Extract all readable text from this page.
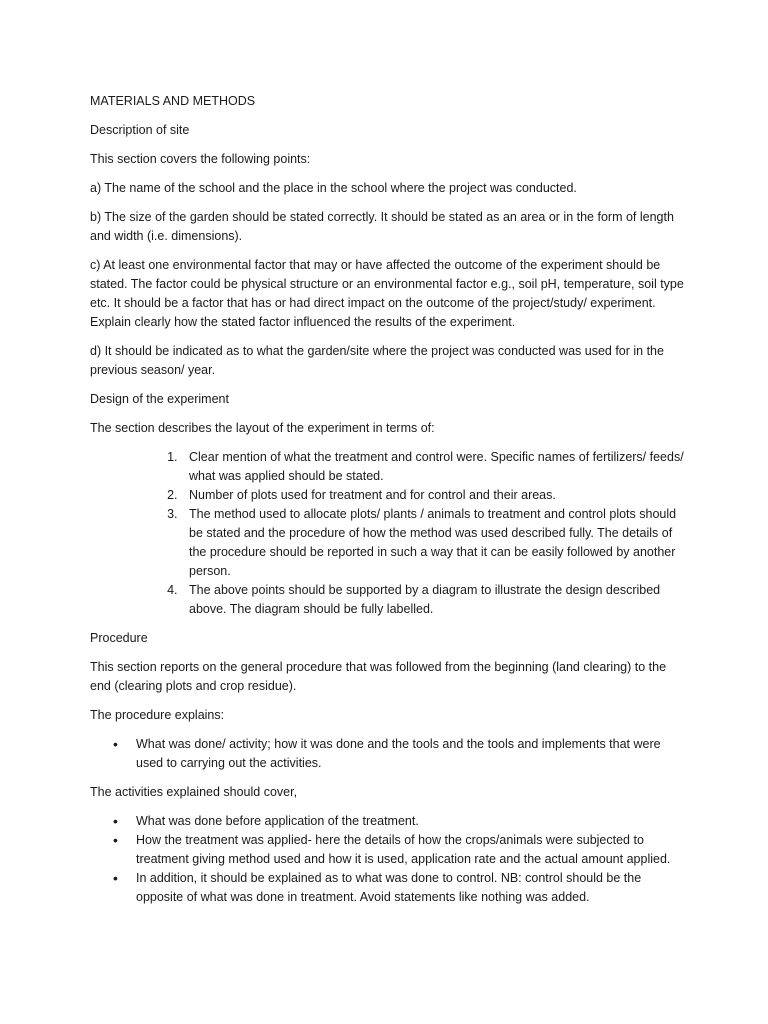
MATERIALS AND METHODS

Description of site

This section covers the following points:

a) The name of the school and the place in the school where the project was conducted.

b) The size of the garden should be stated correctly. It should be stated as an area or in the form of length and width (i.e. dimensions).

c) At least one environmental factor that may or have affected the outcome of the experiment should be stated. The factor could be physical structure or an environmental factor e.g., soil pH, temperature, soil type etc. It should be a factor that has or had direct impact on the outcome of the project/study/ experiment. Explain clearly how the stated factor influenced the results of the experiment.

d) It should be indicated as to what the garden/site where the project was conducted was used for in the previous season/ year.

Design of the experiment

The section describes the layout of the experiment in terms of:

1. Clear mention of what the treatment and control were. Specific names of fertilizers/ feeds/ what was applied should be stated.
2. Number of plots used for treatment and for control and their areas.
3. The method used to allocate plots/ plants / animals to treatment and control plots should be stated and the procedure of how the method was used described fully. The details of the procedure should be reported in such a way that it can be easily followed by another person.
4. The above points should be supported by a diagram to illustrate the design described above. The diagram should be fully labelled.

Procedure

This section reports on the general procedure that was followed from the beginning (land clearing) to the end (clearing plots and crop residue).

The procedure explains:

• What was done/ activity; how it was done and the tools and the tools and implements that were used to carrying out the activities.

The activities explained should cover,

• What was done before application of the treatment.
• How the treatment was applied- here the details of how the crops/animals were subjected to treatment giving method used and how it is used, application rate and the actual amount applied.
• In addition, it should be explained as to what was done to control. NB: control should be the opposite of what was done in treatment. Avoid statements like nothing was added.
